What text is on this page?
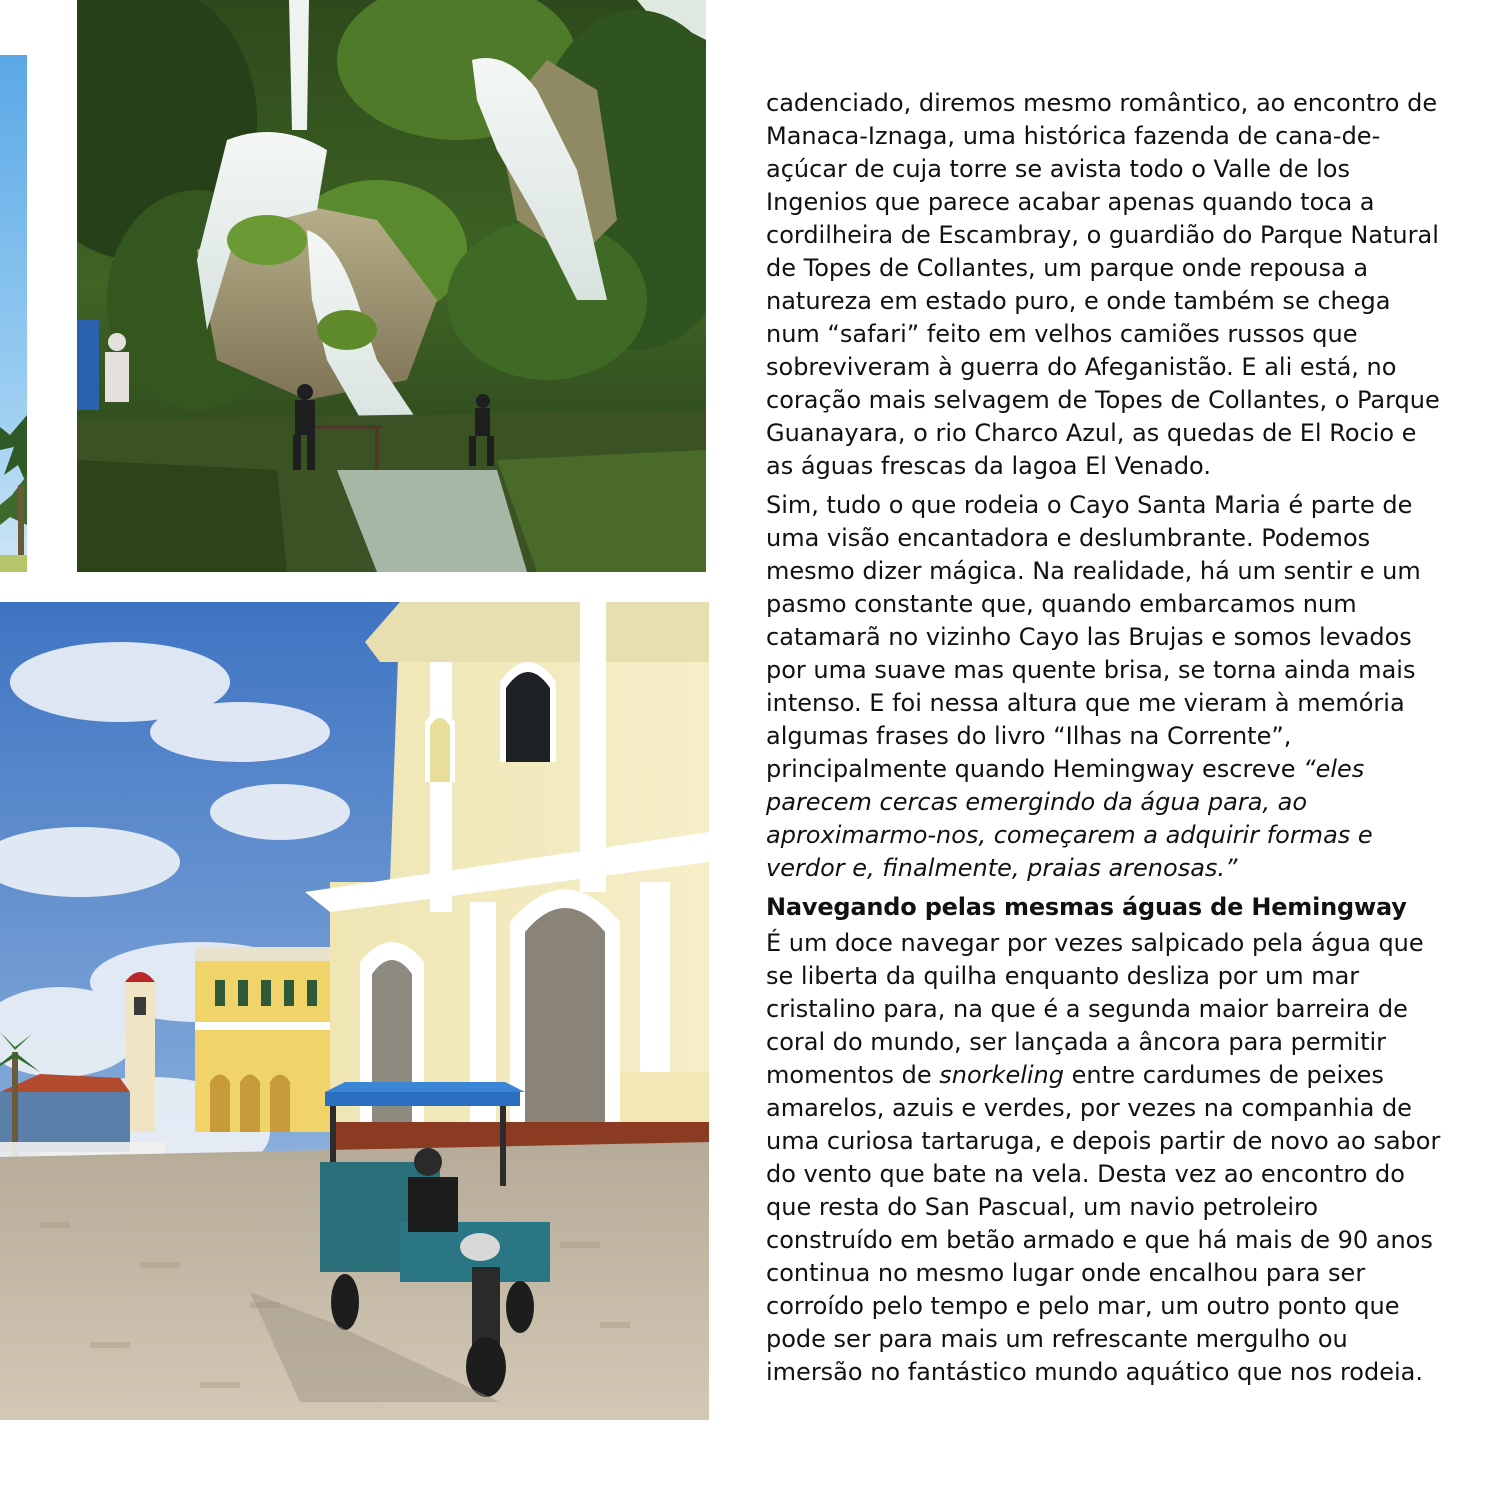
cadenciado, diremos mesmo romântico, ao encontro de Manaca-Iznaga, uma histórica fazenda de cana-de-açúcar de cuja torre se avista todo o Valle de los Ingenios que parece acabar apenas quando toca a cordilheira de Escambray, o guardião do Parque Natural de Topes de Collantes, um parque onde repousa a natureza em estado puro, e onde também se chega num “safari” feito em velhos camiões russos que sobreviveram à guerra do Afeganistão. E ali está, no coração mais selvagem de Topes de Collantes, o Parque Guanayara, o rio Charco Azul, as quedas de El Rocio e as águas frescas da lagoa El Venado.

Sim, tudo o que rodeia o Cayo Santa Maria é parte de uma visão encantadora e deslumbrante. Podemos mesmo dizer mágica. Na realidade, há um sentir e um pasmo constante que, quando embarcamos num catamarã no vizinho Cayo las Brujas e somos levados por uma suave mas quente brisa, se torna ainda mais intenso. E foi nessa altura que me vieram à memória algumas frases do livro “Ilhas na Corrente”, principalmente quando Hemingway escreve “eles parecem cercas emergindo da água para, ao aproximarmo-nos, começarem a adquirir formas e verdor e, finalmente, praias arenosas.”

Navegando pelas mesmas águas de Hemingway

É um doce navegar por vezes salpicado pela água que se liberta da quilha enquanto desliza por um mar cristalino para, na que é a segunda maior barreira de coral do mundo, ser lançada a âncora para permitir momentos de snorkeling entre cardumes de peixes amarelos, azuis e verdes, por vezes na companhia de uma curiosa tartaruga, e depois partir de novo ao sabor do vento que bate na vela. Desta vez ao encontro do que resta do San Pascual, um navio petroleiro construído em betão armado e que há mais de 90 anos continua no mesmo lugar onde encalhou para ser corroído pelo tempo e pelo mar, um outro ponto que pode ser para mais um refrescante mergulho ou imersão no fantástico mundo aquático que nos rodeia.
